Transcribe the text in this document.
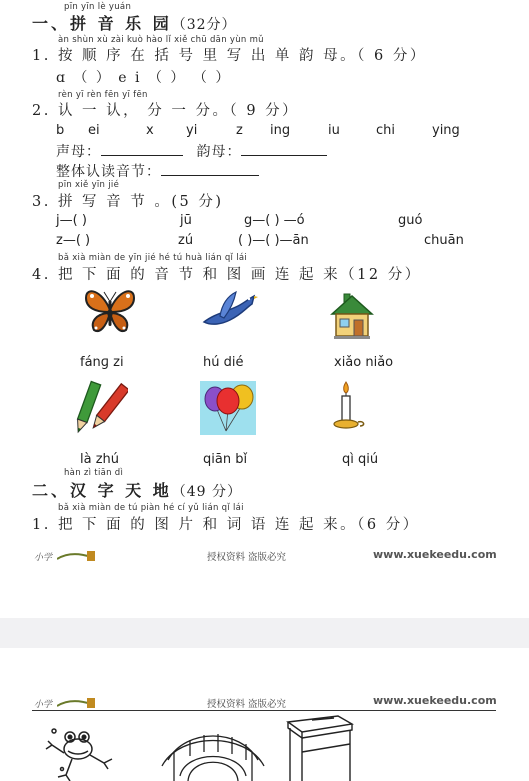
pīn yīn lè yuán
一、拼 音 乐 园（32分）
àn shùn xù zài kuò hào lǐ xiě chū dān yùn mǔ
1. 按 顺 序 在 括 号 里 写 出 单 韵 母。（ 6 分）
ɑ （ ） e i （ ） （ ）
rèn yī rèn fēn yī fēn
2. 认 一 认， 分 一 分。（ 9 分）
b ei	x yi	z ing	iu	chi	ying
声母：	韵母：
整体认读音节：
pīn xiě yīn jié
3. 拼 写 音 节 。(5 分)
j—( )	jū	g—( ) —ó	guó
z—( )	zú	( )—( )—ān	chuān
bǎ xià miàn de yīn jié hé tú huà lián qǐ lái
4. 把 下 面 的 音 节 和 图 画 连 起 来（12 分）
fánɡ zi	hú dié	xiǎo niǎo
là zhú	qiān bǐ	qì qiú
hàn zì tiān dì
二、汉 字 天 地（49 分）
bǎ xià miàn de tú piàn hé cí yǔ lián qǐ lái
1. 把 下 面 的 图 片 和 词 语 连 起 来。（6 分）
小学	授权资料 盗版必究	www.xuekeedu.com
小学	授权资料 盗版必究	www.xuekeedu.com
